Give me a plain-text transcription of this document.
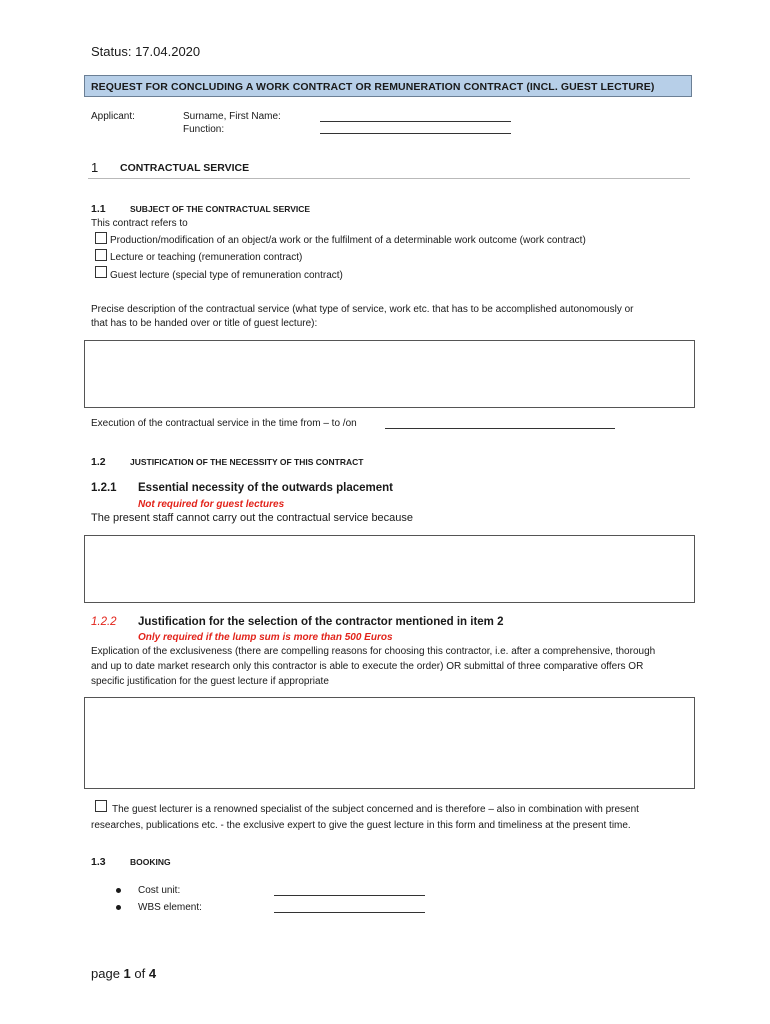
Status: 17.04.2020
REQUEST FOR CONCLUDING A WORK CONTRACT OR REMUNERATION CONTRACT (INCL. GUEST LECTURE)
Applicant:	Surname, First Name:
Function:
1 CONTRACTUAL SERVICE
1.1	SUBJECT OF THE CONTRACTUAL SERVICE
This contract refers to
Production/modification of an object/a work or the fulfilment of a determinable work outcome (work contract)
Lecture or teaching (remuneration contract)
Guest lecture (special type of remuneration contract)
Precise description of the contractual service (what type of service, work etc. that has to be accomplished autonomously or
that has to be handed over or title of guest lecture):
Execution of the contractual service in the time from – to /on
1.2	JUSTIFICATION OF THE NECESSITY OF THIS CONTRACT
1.2.1 Essential necessity of the outwards placement
Not required for guest lectures
The present staff cannot carry out the contractual service because
1.2.2 Justification for the selection of the contractor mentioned in item 2
Only required if the lump sum is more than 500 Euros
Explication of the exclusiveness (there are compelling reasons for choosing this contractor, i.e. after a comprehensive, thorough
and up to date market research only this contractor is able to execute the order) OR submittal of three comparative offers OR
specific justification for the guest lecture if appropriate
The guest lecturer is a renowned specialist of the subject concerned and is therefore – also in combination with present
researches, publications etc. - the exclusive expert to give the guest lecture in this form and timeliness at the present time.
1.3	BOOKING
Cost unit:
WBS element:
page 1 of 4
